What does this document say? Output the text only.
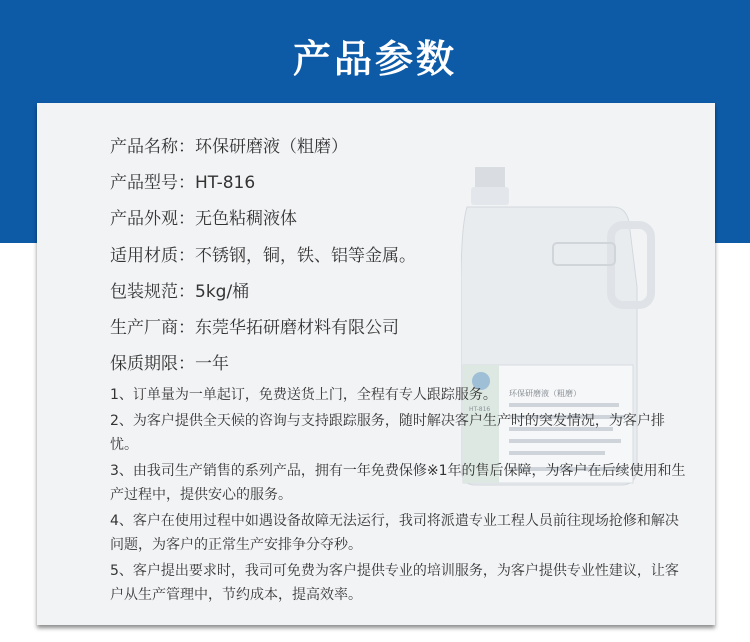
产品参数
环保研磨液（粗磨）
HT-816
产品名称：环保研磨液（粗磨）
产品型号：HT-816
产品外观：无色粘稠液体
适用材质：不锈钢，铜，铁、铝等金属。
包装规范：5kg/桶
生产厂商：东莞华拓研磨材料有限公司
保质期限：一年
1、订单量为一单起订，免费送货上门，全程有专人跟踪服务。
2、为客户提供全天候的咨询与支持跟踪服务，随时解决客户生产时的突发情况，为客户排忧。
3、由我司生产销售的系列产品，拥有一年免费保修※1年的售后保障，为客户在后续使用和生产过程中，提供安心的服务。
4、客户在使用过程中如遇设备故障无法运行，我司将派遣专业工程人员前往现场抢修和解决问题，为客户的正常生产安排争分夺秒。
5、客户提出要求时，我司可免费为客户提供专业的培训服务，为客户提供专业性建议，让客户从生产管理中，节约成本，提高效率。
